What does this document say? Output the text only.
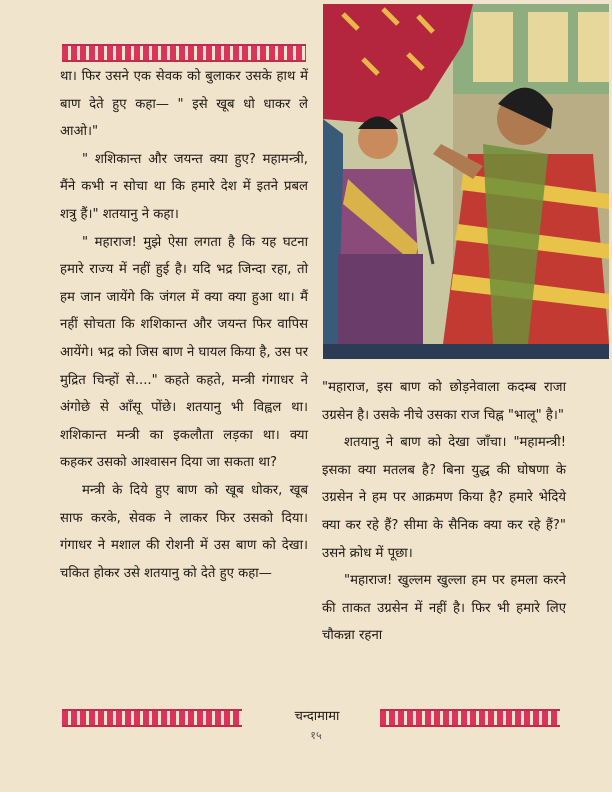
था। फिर उसने एक सेवक को बुलाकर उसके हाथ में बाण देते हुए कहा— " इसे खूब धो धाकर ले आओ।"

" शशिकान्त और जयन्त क्या हुए? महामन्त्री, मैंने कभी न सोचा था कि हमारे देश में इतने प्रबल शत्रु हैं।" शतयानु ने कहा।

" महाराज! मुझे ऐसा लगता है कि यह घटना हमारे राज्य में नहीं हुई है। यदि भद्र जिन्दा रहा, तो हम जान जायेंगे कि जंगल में क्या क्या हुआ था। मैं नहीं सोचता कि शशिकान्त और जयन्त फिर वापिस आयेंगे। भद्र को जिस बाण ने घायल किया है, उस पर मुद्रित चिन्हों से...." कहते कहते, मन्त्री गंगाधर ने अंगोछे से आँसू पोंछे। शतयानु भी विह्वल था। शशिकान्त मन्त्री का इकलौता लड़का था। क्या कहकर उसको आश्वासन दिया जा सकता था?

मन्त्री के दिये हुए बाण को खूब धोकर, खूब साफ करके, सेवक ने लाकर फिर उसको दिया। गंगाधर ने मशाल की रोशनी में उस बाण को देखा। चकित होकर उसे शतयानु को देते हुए कहा—

"महाराज, इस बाण को छोड़नेवाला कदम्ब राजा उग्रसेन है। उसके नीचे उसका राज चिह्न "भालू" है।"

शतयानु ने बाण को देखा जाँचा। "महामन्त्री! इसका क्या मतलब है? बिना युद्ध की घोषणा के उग्रसेन ने हम पर आक्रमण किया है? हमारे भेदिये क्या कर रहे हैं? सीमा के सैनिक क्या कर रहे हैं?" उसने क्रोध में पूछा।

"महाराज! खुल्लम खुल्ला हम पर हमला करने की ताकत उग्रसेन में नहीं है। फिर भी हमारे लिए चौकन्ना रहना

चन्दामामा
१५
